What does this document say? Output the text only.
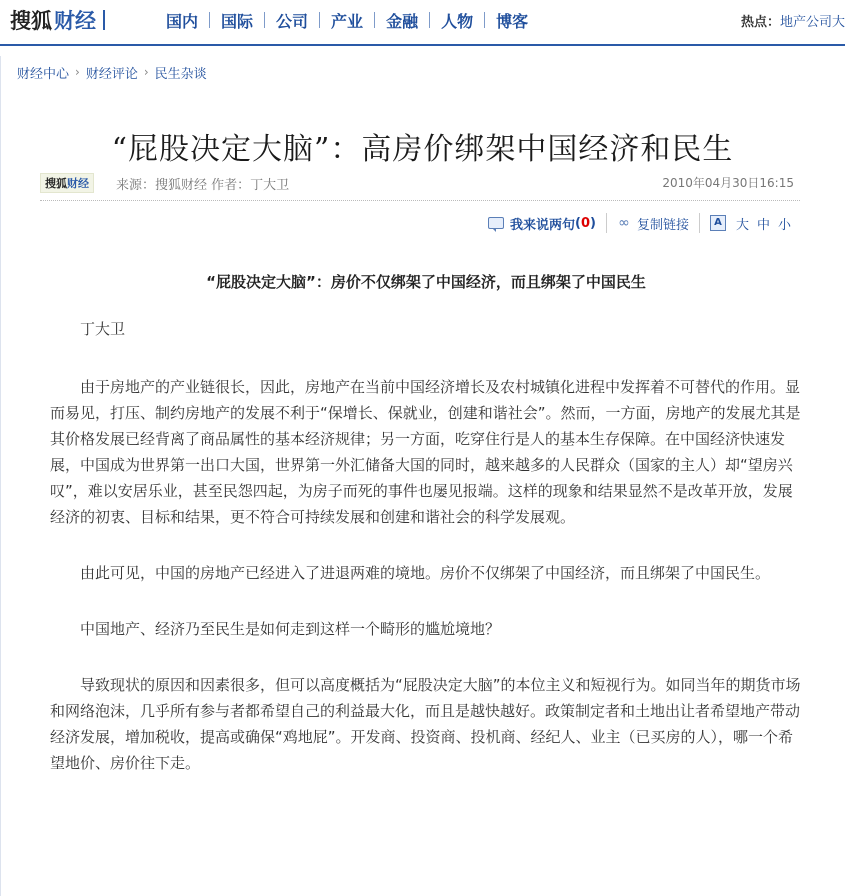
搜狐 财经	国内	国际	公司	产业	金融	人物	博客	热点： 地产公司大
财经中心 › 财经评论 › 民生杂谈
“屁股决定大脑”：高房价绑架中国经济和民生
搜狐 财经 来源：搜狐财经 作者：丁大卫	2010年04月30日16:15
我来说两句 ( 0 ) ∞ 复制链接	A	大 中 小

“屁股决定大脑”：房价不仅绑架了中国经济，而且绑架了中国民生

丁大卫

由于房地产的产业链很长，因此，房地产在当前中国经济增长及农村城镇化进程中发挥着不可替代的作用。显而易见，打压、制约房地产的发展不利于“保增长、保就业，创建和谐社会”。然而，一方面，房地产的发展尤其是其价格发展已经背离了商品属性的基本经济规律；另一方面，吃穿住行是人的基本生存保障。在中国经济快速发展，中国成为世界第一出口大国，世界第一外汇储备大国的同时，越来越多的人民群众（国家的主人）却“望房兴叹”，难以安居乐业，甚至民怨四起，为房子而死的事件也屡见报端。这样的现象和结果显然不是改革开放，发展经济的初衷、目标和结果，更不符合可持续发展和创建和谐社会的科学发展观。

由此可见，中国的房地产已经进入了进退两难的境地。房价不仅绑架了中国经济，而且绑架了中国民生。

中国地产、经济乃至民生是如何走到这样一个畸形的尴尬境地？

导致现状的原因和因素很多，但可以高度概括为“屁股决定大脑”的本位主义和短视行为。如同当年的期货市场和网络泡沫，几乎所有参与者都希望自己的利益最大化，而且是越快越好。政策制定者和土地出让者希望地产带动经济发展，增加税收，提高或确保“鸡地屁”。开发商、投资商、投机商、经纪人、业主（已买房的人），哪一个希望地价、房价往下走。
